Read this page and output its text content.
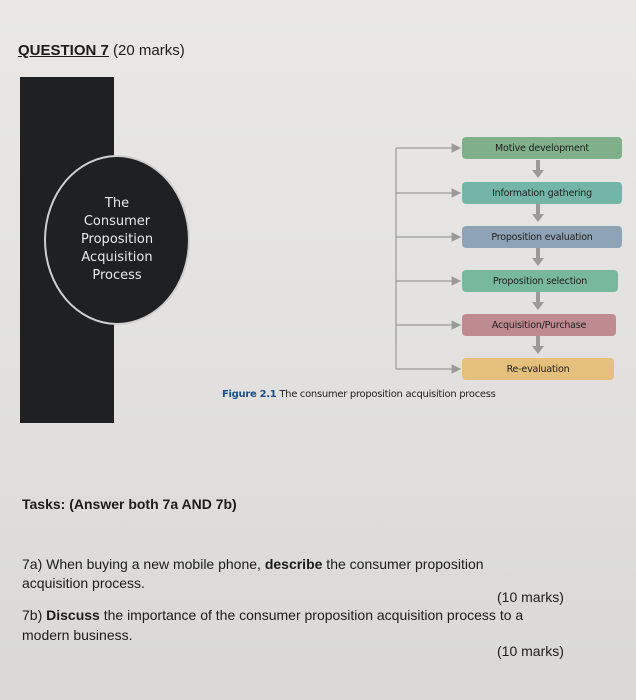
QUESTION 7 (20 marks)
The
Consumer
Proposition
Acquisition
Process
Motive development
Information gathering
Proposition evaluation
Proposition selection
Acquisition/Purchase
Re-evaluation
Figure 2.1 The consumer proposition acquisition process
Tasks: (Answer both 7a AND 7b)
7a) When buying a new mobile phone, describe the consumer proposition
acquisition process.
(10 marks)
7b) Discuss the importance of the consumer proposition acquisition process to a
modern business.
(10 marks)
